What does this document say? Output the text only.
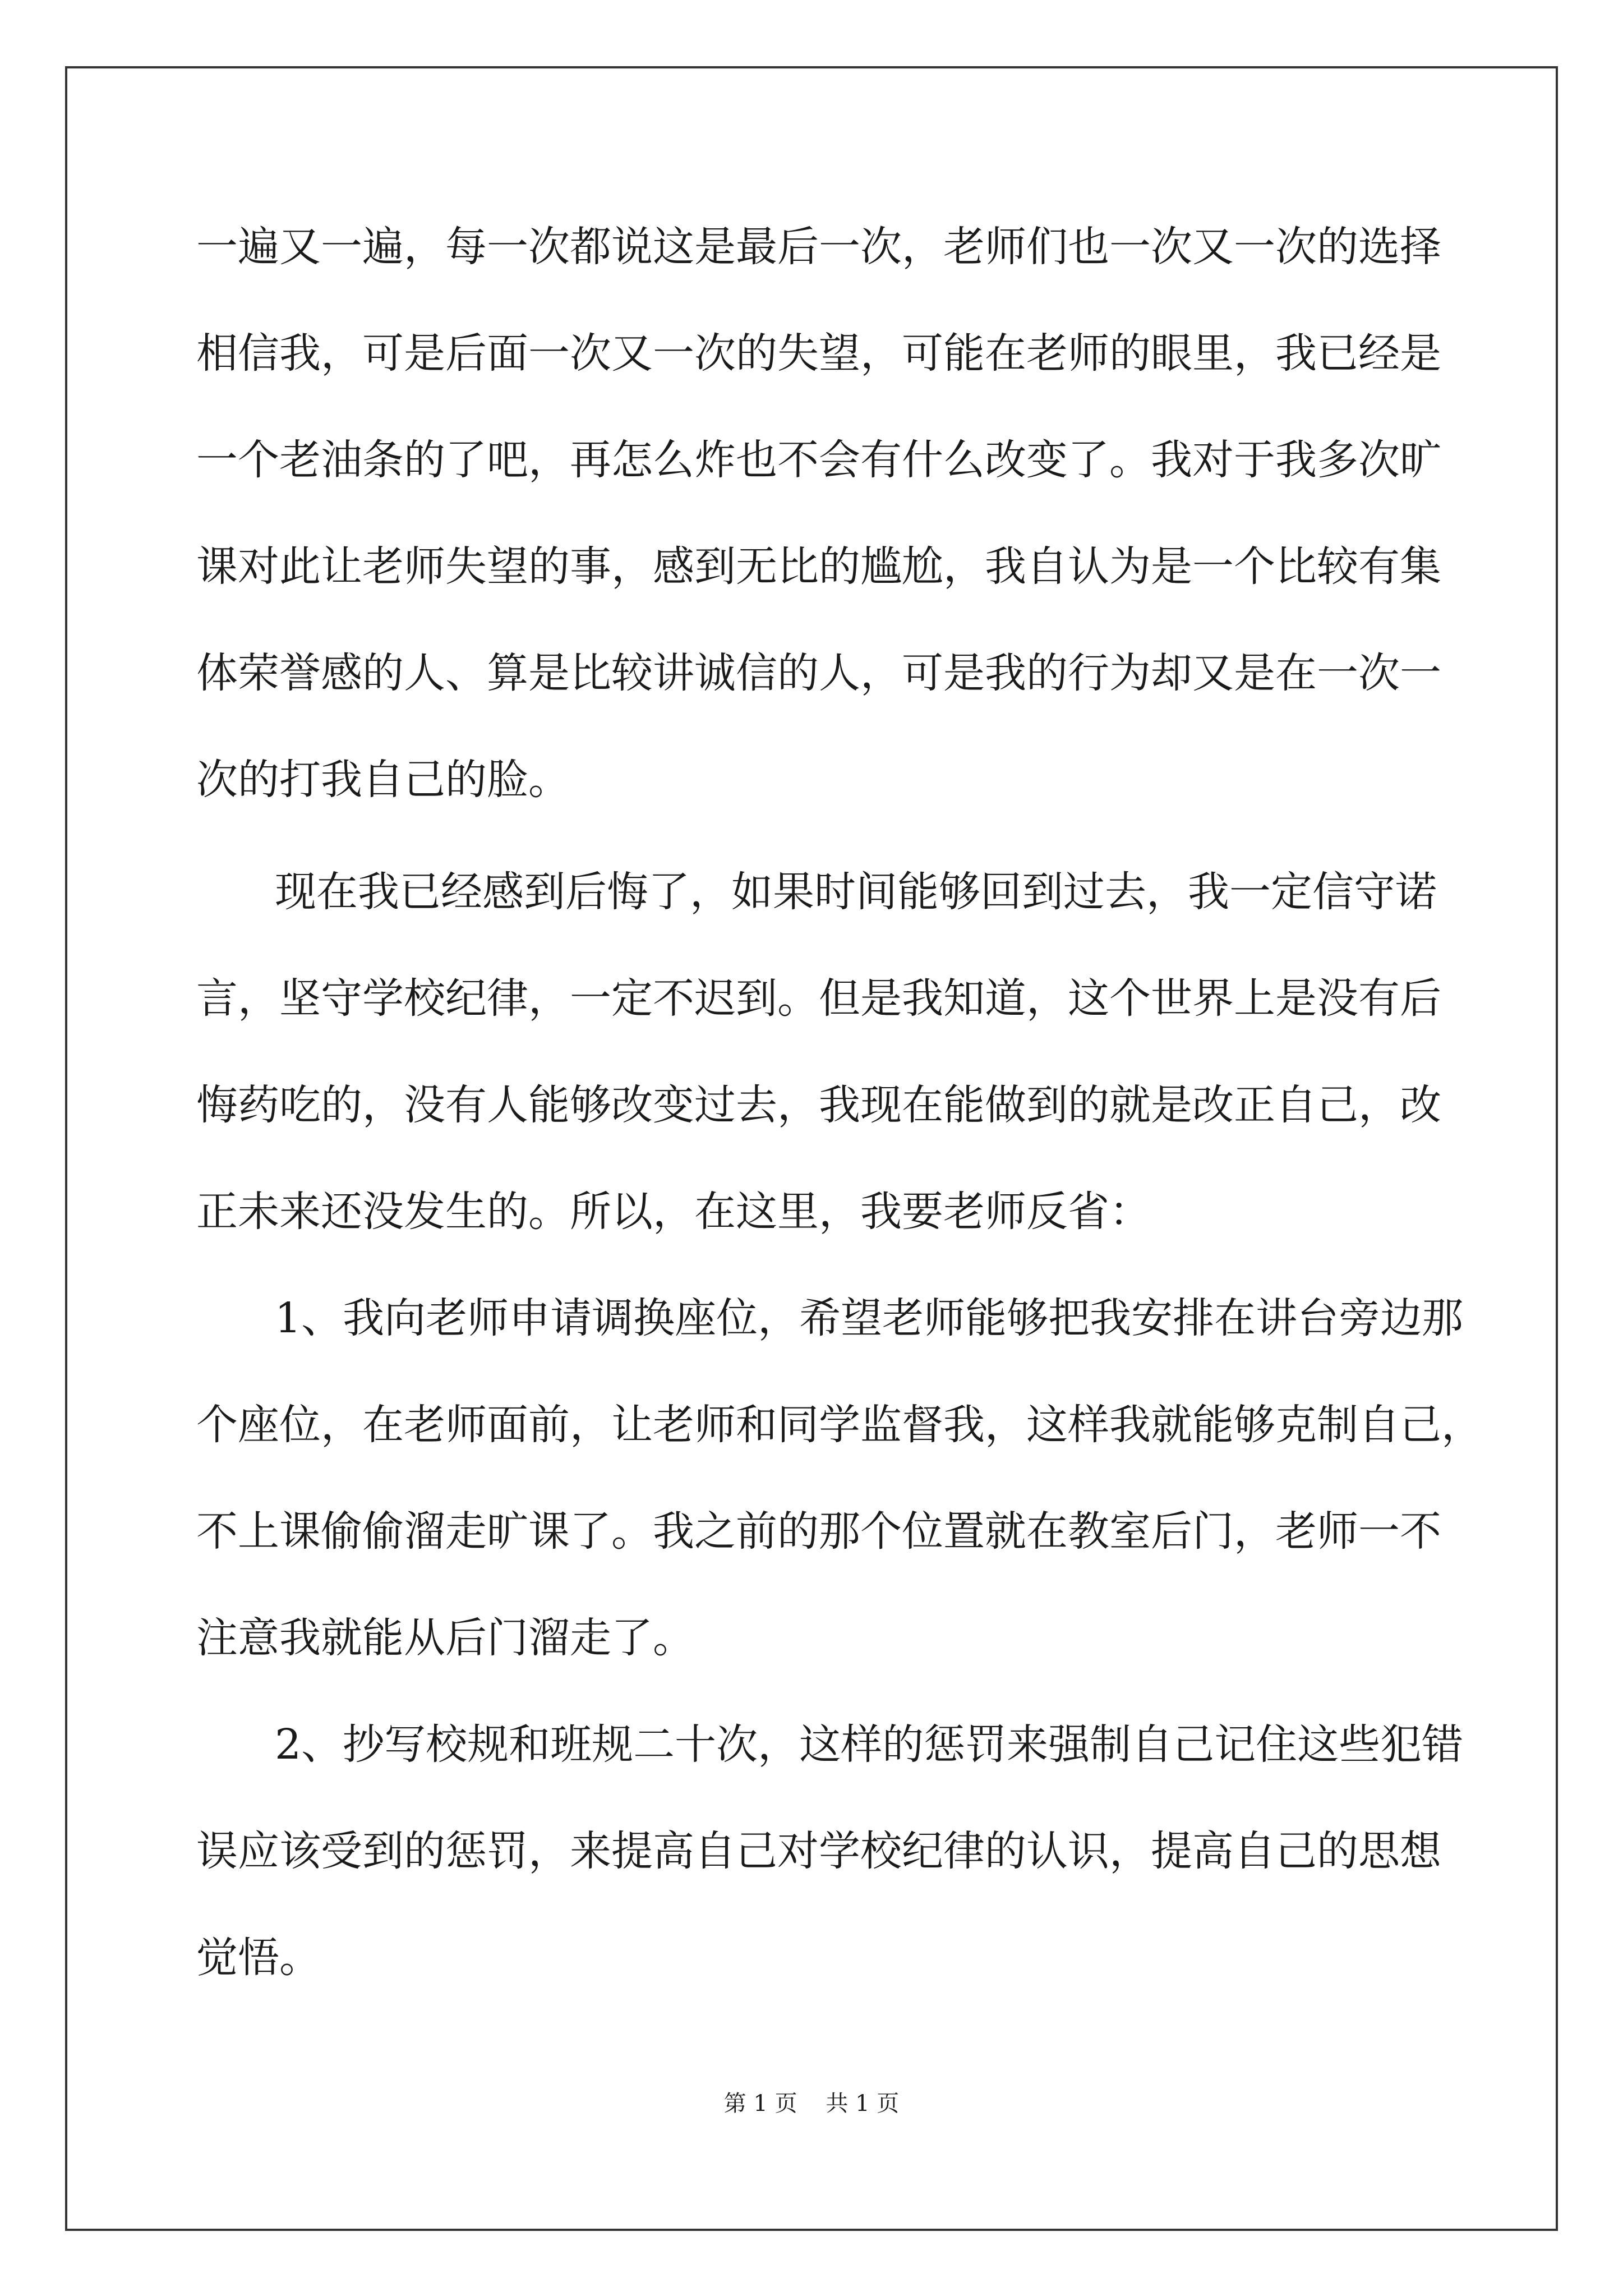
一遍又一遍，每一次都说这是最后一次，老师们也一次又一次的选择

相信我，可是后面一次又一次的失望，可能在老师的眼里，我已经是

一个老油条的了吧，再怎么炸也不会有什么改变了。我对于我多次旷

课对此让老师失望的事，感到无比的尴尬，我自认为是一个比较有集

体荣誉感的人、算是比较讲诚信的人，可是我的行为却又是在一次一

次的打我自己的脸。

现在我已经感到后悔了，如果时间能够回到过去，我一定信守诺

言，坚守学校纪律，一定不迟到。但是我知道，这个世界上是没有后

悔药吃的，没有人能够改变过去，我现在能做到的就是改正自己，改

正未来还没发生的。所以，在这里，我要老师反省：

1、我向老师申请调换座位，希望老师能够把我安排在讲台旁边那

个座位，在老师面前，让老师和同学监督我，这样我就能够克制自己，

不上课偷偷溜走旷课了。我之前的那个位置就在教室后门，老师一不

注意我就能从后门溜走了。

2、抄写校规和班规二十次，这样的惩罚来强制自己记住这些犯错

误应该受到的惩罚，来提高自己对学校纪律的认识，提高自己的思想

觉悟。

第 1 页    共 1 页
